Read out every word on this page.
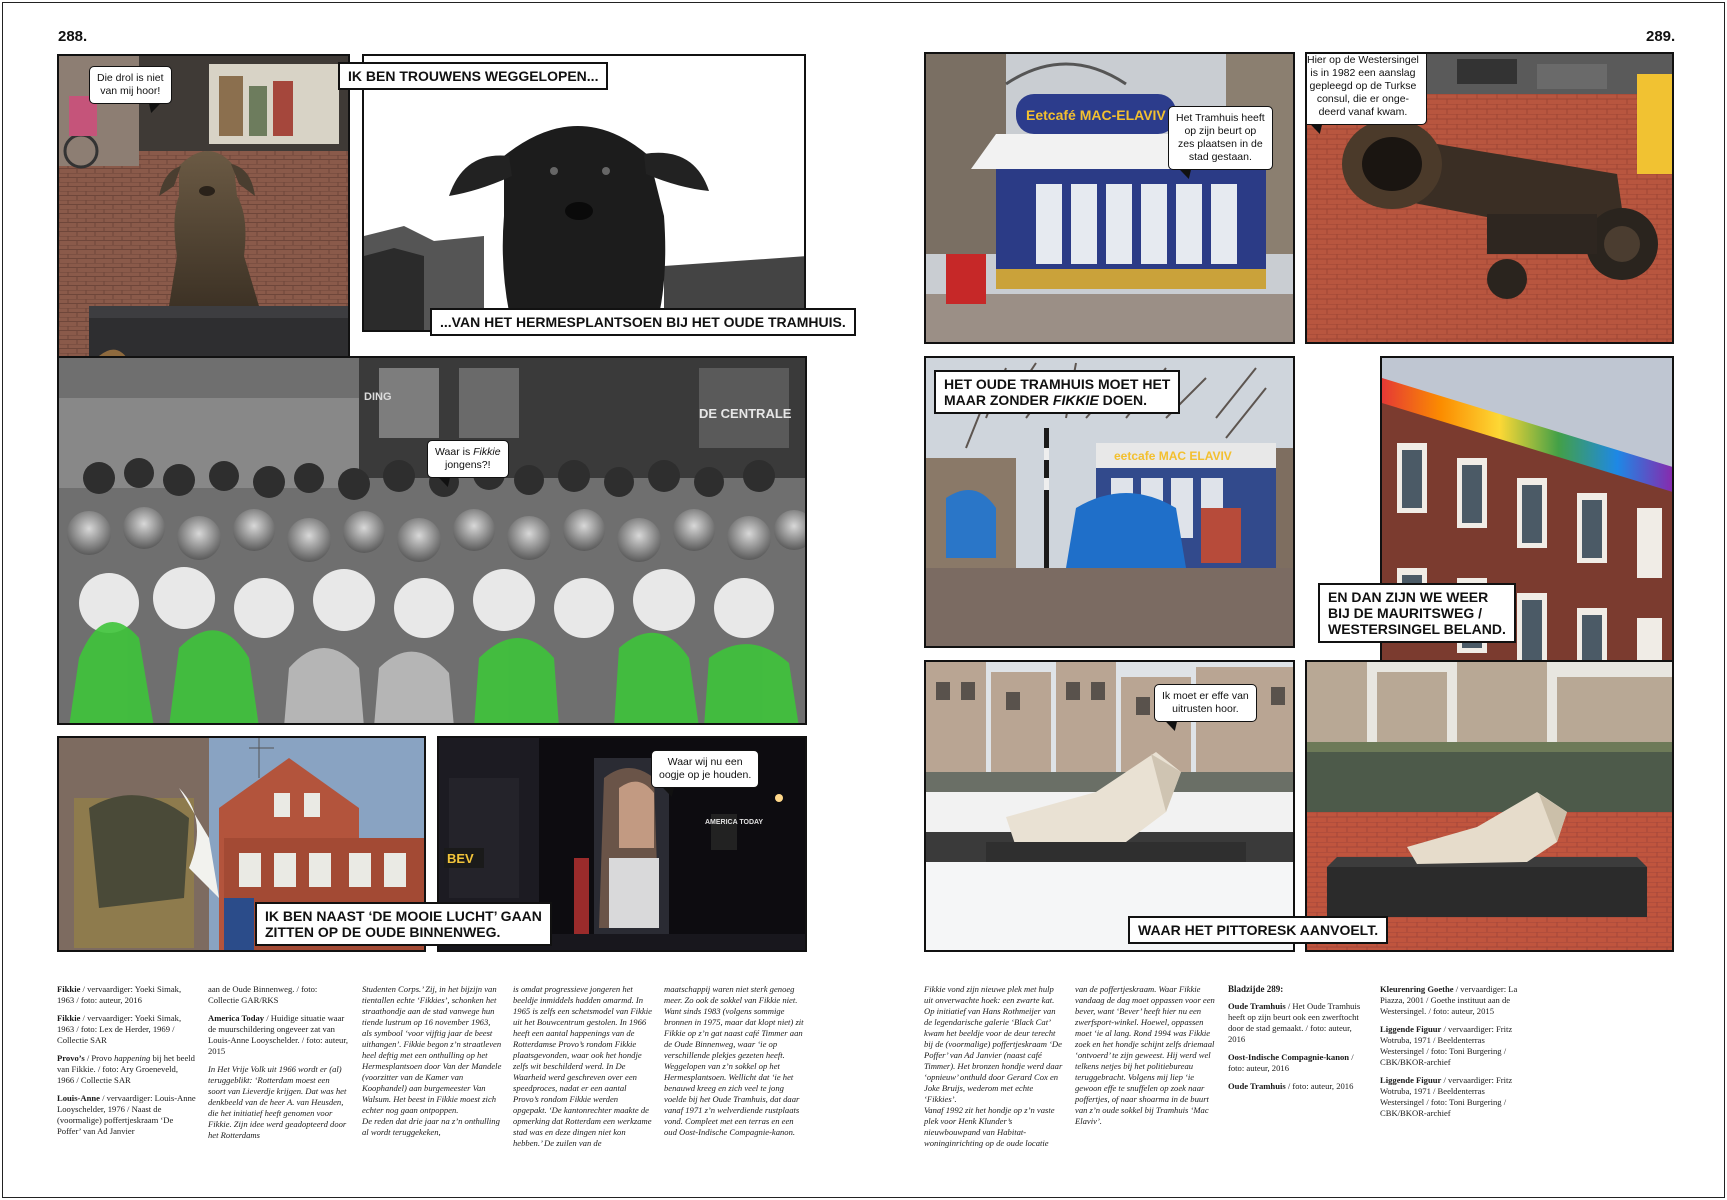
288.	289.
Die drol is niet
van mij hoor!
IK BEN TROUWENS WEGGELOPEN...
...VAN HET HERMESPLANTSOEN BIJ HET OUDE TRAMHUIS.
DE CENTRALE
DING
Waar is Fikkie
jongens?!
IK BEN NAAST ‘DE MOOIE LUCHT’ GAAN
ZITTEN OP DE OUDE BINNENWEG.
BEV
AMERICA TODAY
Waar wij nu een
oogje op je houden.
Eetcafé MAC-ELAVIV Het Tramhuis heeft
op zijn beurt op
zes plaatsen in de
stad gestaan.
Hier op de Westersingel
is in 1982 een aanslag
gepleegd op de Turkse
consul, die er onge-
deerd vanaf kwam.
eetcafe MAC ELAVIV
HET OUDE TRAMHUIS MOET HET
MAAR ZONDER FIKKIE DOEN.
EN DAN ZIJN WE WEER
BIJ DE MAURITSWEG /
WESTERSINGEL BELAND.
Ik moet er effe van
uitrusten hoor.
WAAR HET PITTORESK AANVOELT.

Fikkie / vervaardiger: Yoeki Simak, 1963 / foto: auteur, 2016

Fikkie / vervaardiger: Yoeki Simak, 1963 / foto: Lex de Herder, 1969 / Collectie SAR

Provo’s / Provo happening bij het beeld van Fikkie. / foto: Ary Groeneveld, 1966 / Collectie SAR

Louis-Anne / vervaardiger: Louis-Anne Looyschelder, 1976 / Naast de (voormalige) poffertjeskraam ‘De Poffer’ van Ad Janvier

aan de Oude Binnenweg. / foto: Collectie GAR/RKS

America Today / Huidige situatie waar de muurschildering ongeveer zat van Louis-Anne Looyschelder. / foto: auteur, 2015

In Het Vrije Volk uit 1966 wordt er (al) teruggeblikt: ‘Rotterdam moest een soort van Lieverdje krijgen. Dat was het denkbeeld van de heer A. van Heusden, die het initiatief heeft genomen voor Fikkie. Zijn idee werd geadopteerd door het Rotterdams

Studenten Corps.’ Zij, in het bijzijn van tientallen echte ‘Fikkies’, schonken het straathondje aan de stad vanwege hun tiende lustrum op 16 november 1963, als symbool ‘voor vijftig jaar de beest uithangen’. Fikkie begon z’n straatleven heel deftig met een onthulling op het Hermesplantsoen door Van der Mandele (voorzitter van de Kamer van Koophandel) aan burgemeester Van Walsum. Het beest in Fikkie moest zich echter nog gaan ontpoppen.
De reden dat drie jaar na z’n onthulling al wordt teruggekeken,
is omdat progressieve jongeren het beeldje inmiddels hadden omarmd. In 1965 is zelfs een schetsmodel van Fikkie uit het Bouwcentrum gestolen. In 1966 heeft een aantal happenings van de Rotterdamse Provo’s rondom Fikkie plaatsgevonden, waar ook het hondje zelfs wit beschilderd werd. In De Waarheid werd geschreven over een speedproces, nadat er een aantal Provo’s rondom Fikkie werden opgepakt. ‘De kantonrechter maakte de opmerking dat Rotterdam een werkzame stad was en deze dingen niet kon hebben.’ De zuilen van de
maatschappij waren niet sterk genoeg meer. Zo ook de sokkel van Fikkie niet.
Want sinds 1983 (volgens sommige bronnen in 1975, maar dat klopt niet) zit Fikkie op z’n gat naast café Timmer aan de Oude Binnenweg, waar ‘ie op verschillende plekjes gezeten heeft. Weggelopen van z’n sokkel op het Hermesplantsoen. Wellicht dat ‘ie het benauwd kreeg en zich veel te jong voelde bij het Oude Tramhuis, dat daar vanaf 1971 z’n welverdiende rustplaats vond. Compleet met een terras en een oud Oost-Indische Compagnie-kanon.
Fikkie vond zijn nieuwe plek met hulp uit onverwachte hoek: een zwarte kat. Op initiatief van Hans Rothmeijer van de legendarische galerie ‘Black Cat’ kwam het beeldje voor de deur terecht bij de (voormalige) poffertjeskraam ‘De Poffer’ van Ad Janvier (naast café Timmer). Het bronzen hondje werd daar ‘opnieuw’ onthuld door Gerard Cox en Joke Bruijs, wederom met echte ‘Fikkies’.
Vanaf 1992 zit het hondje op z’n vaste plek voor Henk Klunder’s nieuwbouwpand van Habitat-woninginrichting op de oude locatie
van de poffertjeskraam. Waar Fikkie vandaag de dag moet oppassen voor een bever, want ‘Bever’ heeft hier nu een zwerfsport-winkel. Hoewel, oppassen moet ‘ie al lang. Rond 1994 was Fikkie zoek en het hondje schijnt zelfs driemaal ‘ontvoerd’ te zijn geweest. Hij werd wel telkens netjes bij het politiebureau teruggebracht. Volgens mij liep ‘ie gewoon effe te snuffelen op zoek naar poffertjes, of naar shoarma in de buurt van z’n oude sokkel bij Tramhuis ‘Mac Elaviv’.
Bladzijde 289:

Oude Tramhuis / Het Oude Tramhuis heeft op zijn beurt ook een zwerftocht door de stad gemaakt. / foto: auteur, 2016

Oost-Indische Compagnie-kanon / foto: auteur, 2016

Oude Tramhuis / foto: auteur, 2016

Kleurenring Goethe / vervaardiger: La Piazza, 2001 / Goethe instituut aan de Westersingel. / foto: auteur, 2015

Liggende Figuur / vervaardiger: Fritz Wotruba, 1971 / Beeldenterras Westersingel / foto: Toni Burgering / CBK/BKOR-archief

Liggende Figuur / vervaardiger: Fritz Wotruba, 1971 / Beeldenterras Westersingel / foto: Toni Burgering / CBK/BKOR-archief
